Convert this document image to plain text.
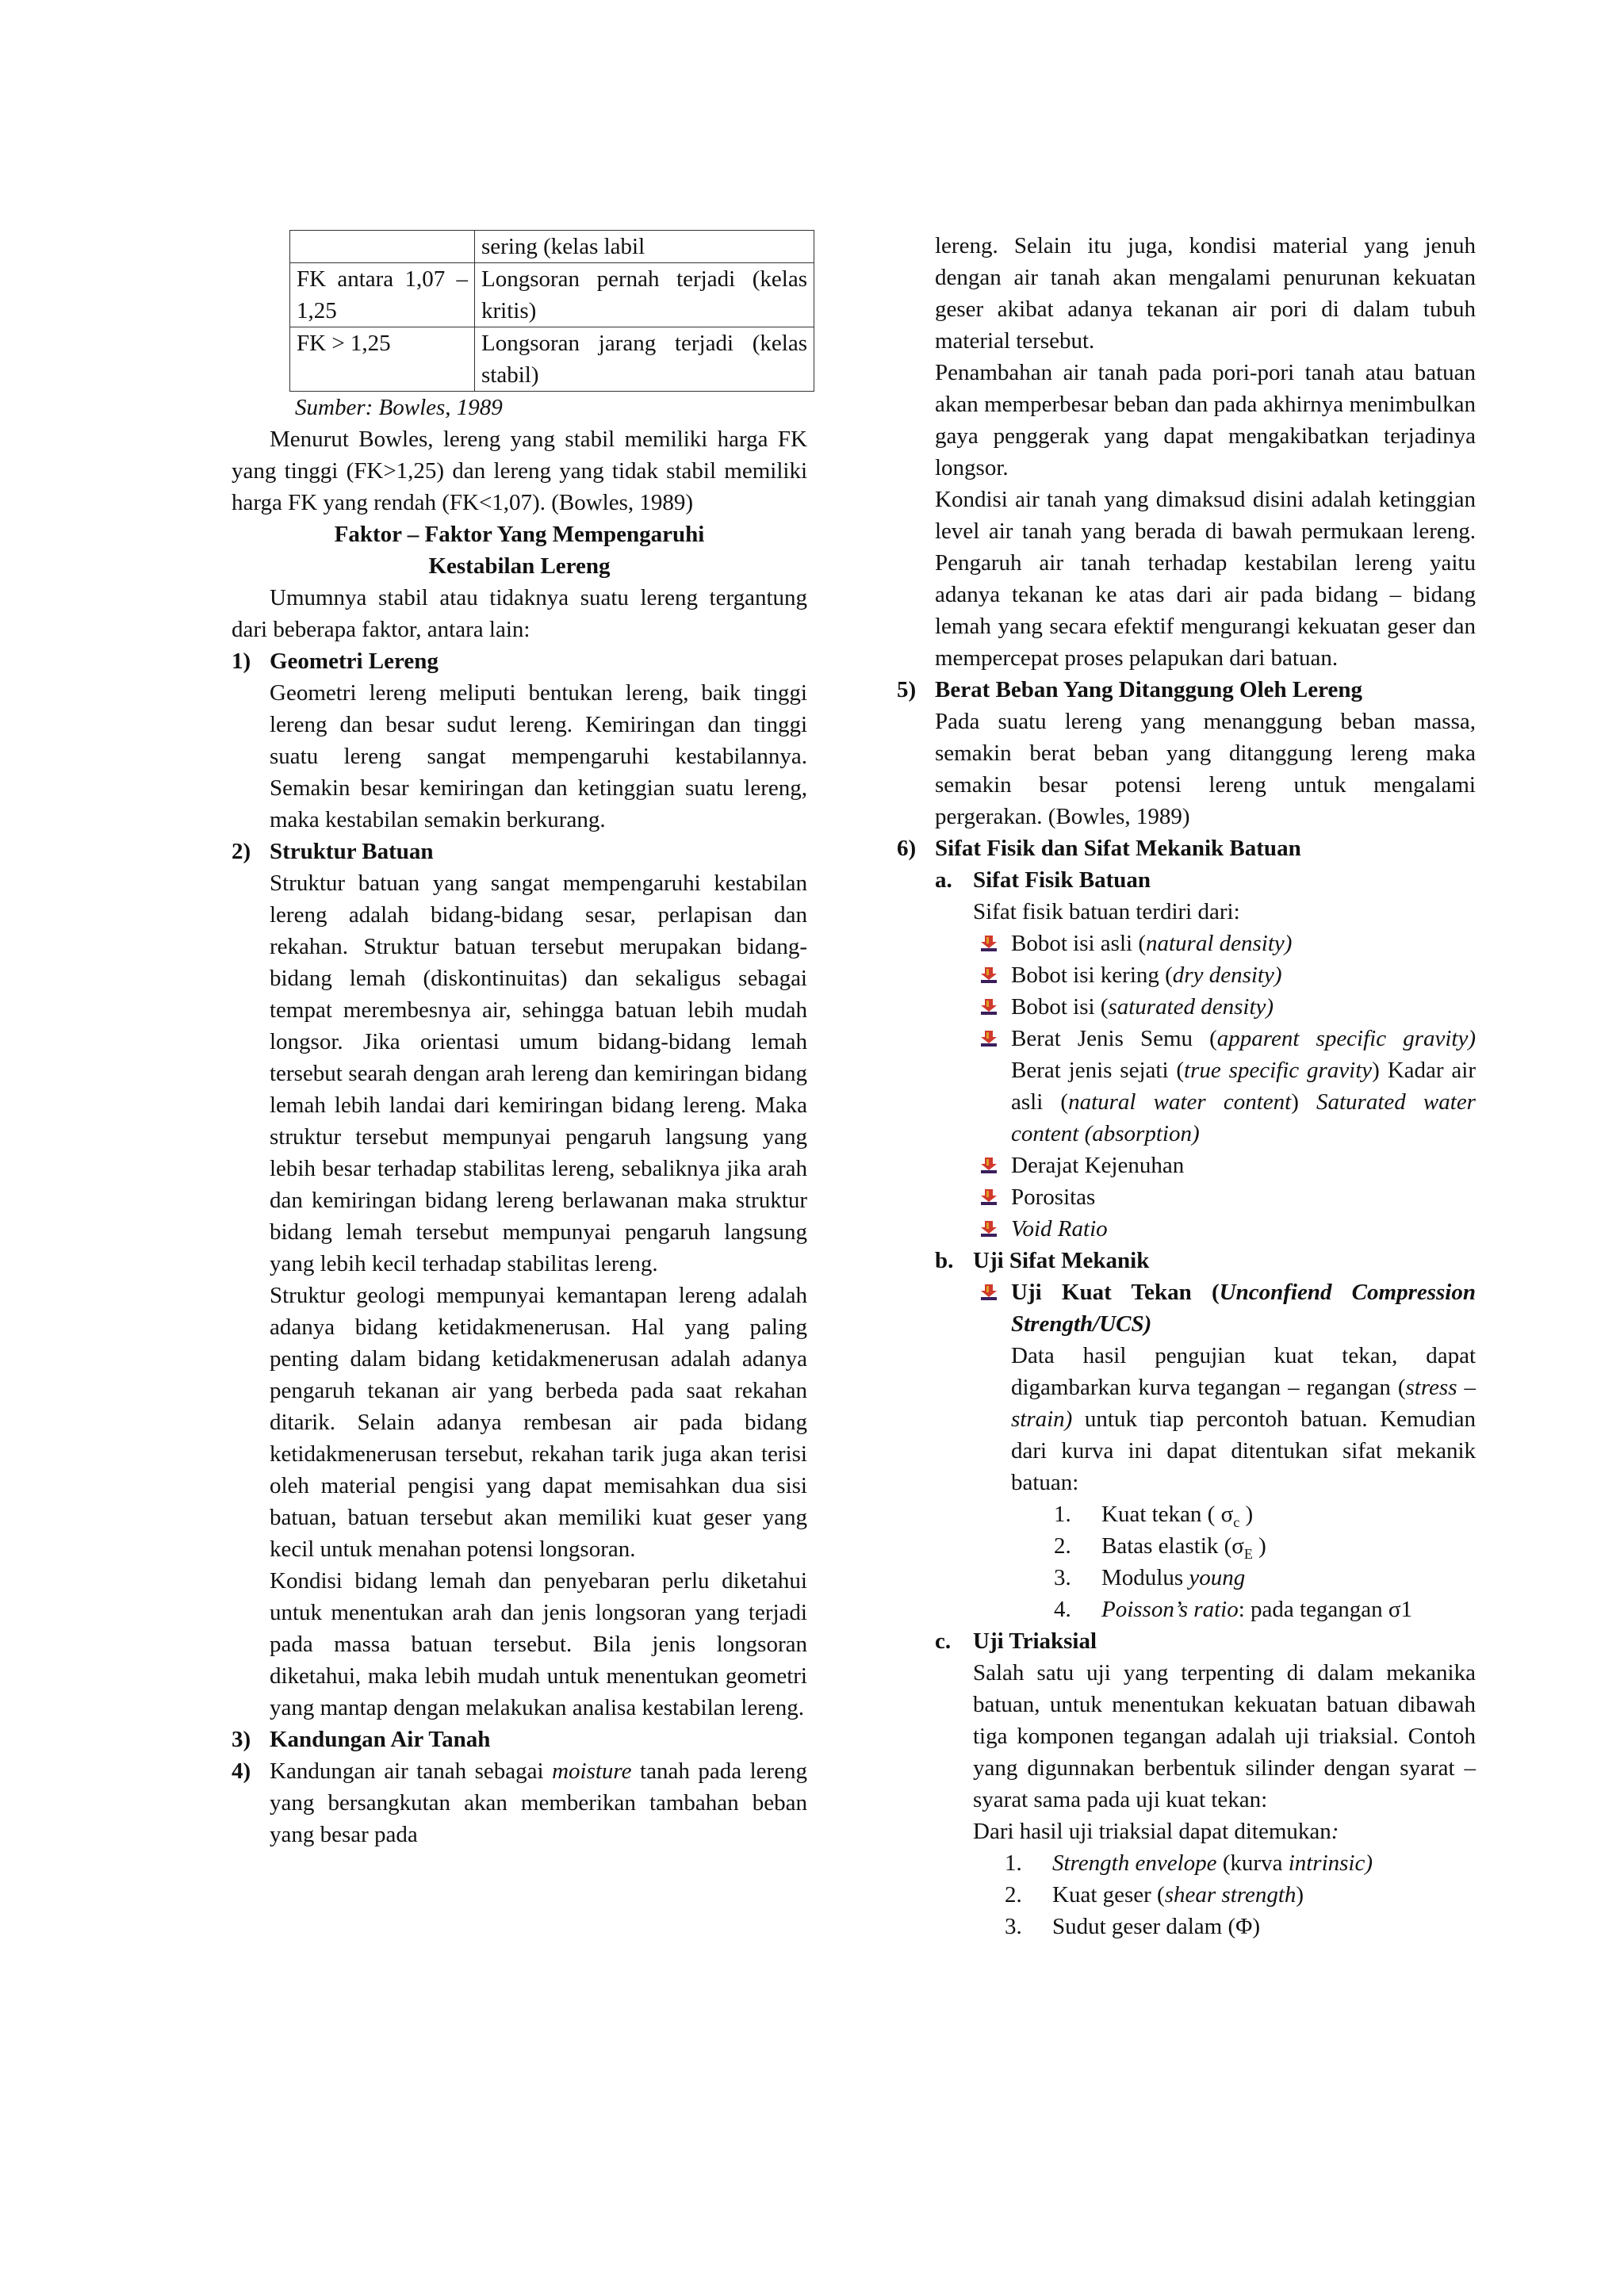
	sering (kelas labil
FK antara 1,07 – 1,25	Longsoran pernah terjadi (kelas kritis)
FK > 1,25	Longsoran jarang terjadi (kelas stabil)

Sumber: Bowles, 1989

Menurut Bowles, lereng yang stabil memiliki harga FK yang tinggi (FK>1,25) dan lereng yang tidak stabil memiliki harga FK yang rendah (FK<1,07). (Bowles, 1989)

Faktor – Faktor Yang Mempengaruhi
Kestabilan Lereng

Umumnya stabil atau tidaknya suatu lereng tergantung dari beberapa faktor, antara lain:

1) Geometri Lereng

Geometri lereng meliputi bentukan lereng, baik tinggi lereng dan besar sudut lereng. Kemiringan dan tinggi suatu lereng sangat mempengaruhi kestabilannya. Semakin besar kemiringan dan ketinggian suatu lereng, maka kestabilan semakin berkurang.

2) Struktur Batuan

Struktur batuan yang sangat mempengaruhi kestabilan lereng adalah bidang-bidang sesar, perlapisan dan rekahan. Struktur batuan tersebut merupakan bidang-bidang lemah (diskontinuitas) dan sekaligus sebagai tempat merembesnya air, sehingga batuan lebih mudah longsor. Jika orientasi umum bidang-bidang lemah tersebut searah dengan arah lereng dan kemiringan bidang lemah lebih landai dari kemiringan bidang lereng. Maka struktur tersebut mempunyai pengaruh langsung yang lebih besar terhadap stabilitas lereng, sebaliknya jika arah dan kemiringan bidang lereng berlawanan maka struktur bidang lemah tersebut mempunyai pengaruh langsung yang lebih kecil terhadap stabilitas lereng.

Struktur geologi mempunyai kemantapan lereng adalah adanya bidang ketidakmenerusan. Hal yang paling penting dalam bidang ketidakmenerusan adalah adanya pengaruh tekanan air yang berbeda pada saat rekahan ditarik. Selain adanya rembesan air pada bidang ketidakmenerusan tersebut, rekahan tarik juga akan terisi oleh material pengisi yang dapat memisahkan dua sisi batuan, batuan tersebut akan memiliki kuat geser yang kecil untuk menahan potensi longsoran.

Kondisi bidang lemah dan penyebaran perlu diketahui untuk menentukan arah dan jenis longsoran yang terjadi pada massa batuan tersebut. Bila jenis longsoran diketahui, maka lebih mudah untuk menentukan geometri yang mantap dengan melakukan analisa kestabilan lereng.

3) Kandungan Air Tanah
4) Kandungan air tanah sebagai moisture tanah pada lereng yang bersangkutan akan memberikan tambahan beban yang besar pada

lereng. Selain itu juga, kondisi material yang jenuh dengan air tanah akan mengalami penurunan kekuatan geser akibat adanya tekanan air pori di dalam tubuh material tersebut.

Penambahan air tanah pada pori-pori tanah atau batuan akan memperbesar beban dan pada akhirnya menimbulkan gaya penggerak yang dapat mengakibatkan terjadinya longsor.

Kondisi air tanah yang dimaksud disini adalah ketinggian level air tanah yang berada di bawah permukaan lereng. Pengaruh air tanah terhadap kestabilan lereng yaitu adanya tekanan ke atas dari air pada bidang – bidang lemah yang secara efektif mengurangi kekuatan geser dan mempercepat proses pelapukan dari batuan.

5) Berat Beban Yang Ditanggung Oleh Lereng

Pada suatu lereng yang menanggung beban massa, semakin berat beban yang ditanggung lereng maka semakin besar potensi lereng untuk mengalami pergerakan. (Bowles, 1989)

6) Sifat Fisik dan Sifat Mekanik Batuan
a. Sifat Fisik Batuan

Sifat fisik batuan terdiri dari:

Bobot isi asli (natural density)
Bobot isi kering (dry density)
Bobot isi (saturated density)
Berat Jenis Semu (apparent specific gravity) Berat jenis sejati (true specific gravity) Kadar air asli (natural water content) Saturated water content (absorption)
Derajat Kejenuhan
Porositas
Void Ratio
b. Uji Sifat Mekanik
Uji Kuat Tekan (Unconfiend Compression Strength/UCS)

Data hasil pengujian kuat tekan, dapat digambarkan kurva tegangan – regangan (stress – strain) untuk tiap percontoh batuan. Kemudian dari kurva ini dapat ditentukan sifat mekanik batuan:

1. Kuat tekan ( $\sigma_c$ )
2. Batas elastik ($\sigma_E$ )
3. Modulus young
4. Poisson’s ratio: pada tegangan σ1
c. Uji Triaksial

Salah satu uji yang terpenting di dalam mekanika batuan, untuk menentukan kekuatan batuan dibawah tiga komponen tegangan adalah uji triaksial. Contoh yang digunnakan berbentuk silinder dengan syarat – syarat sama pada uji kuat tekan:

Dari hasil uji triaksial dapat ditemukan:

1. Strength envelope (kurva intrinsic)
2. Kuat geser (shear strength)
3. Sudut geser dalam (Φ)
